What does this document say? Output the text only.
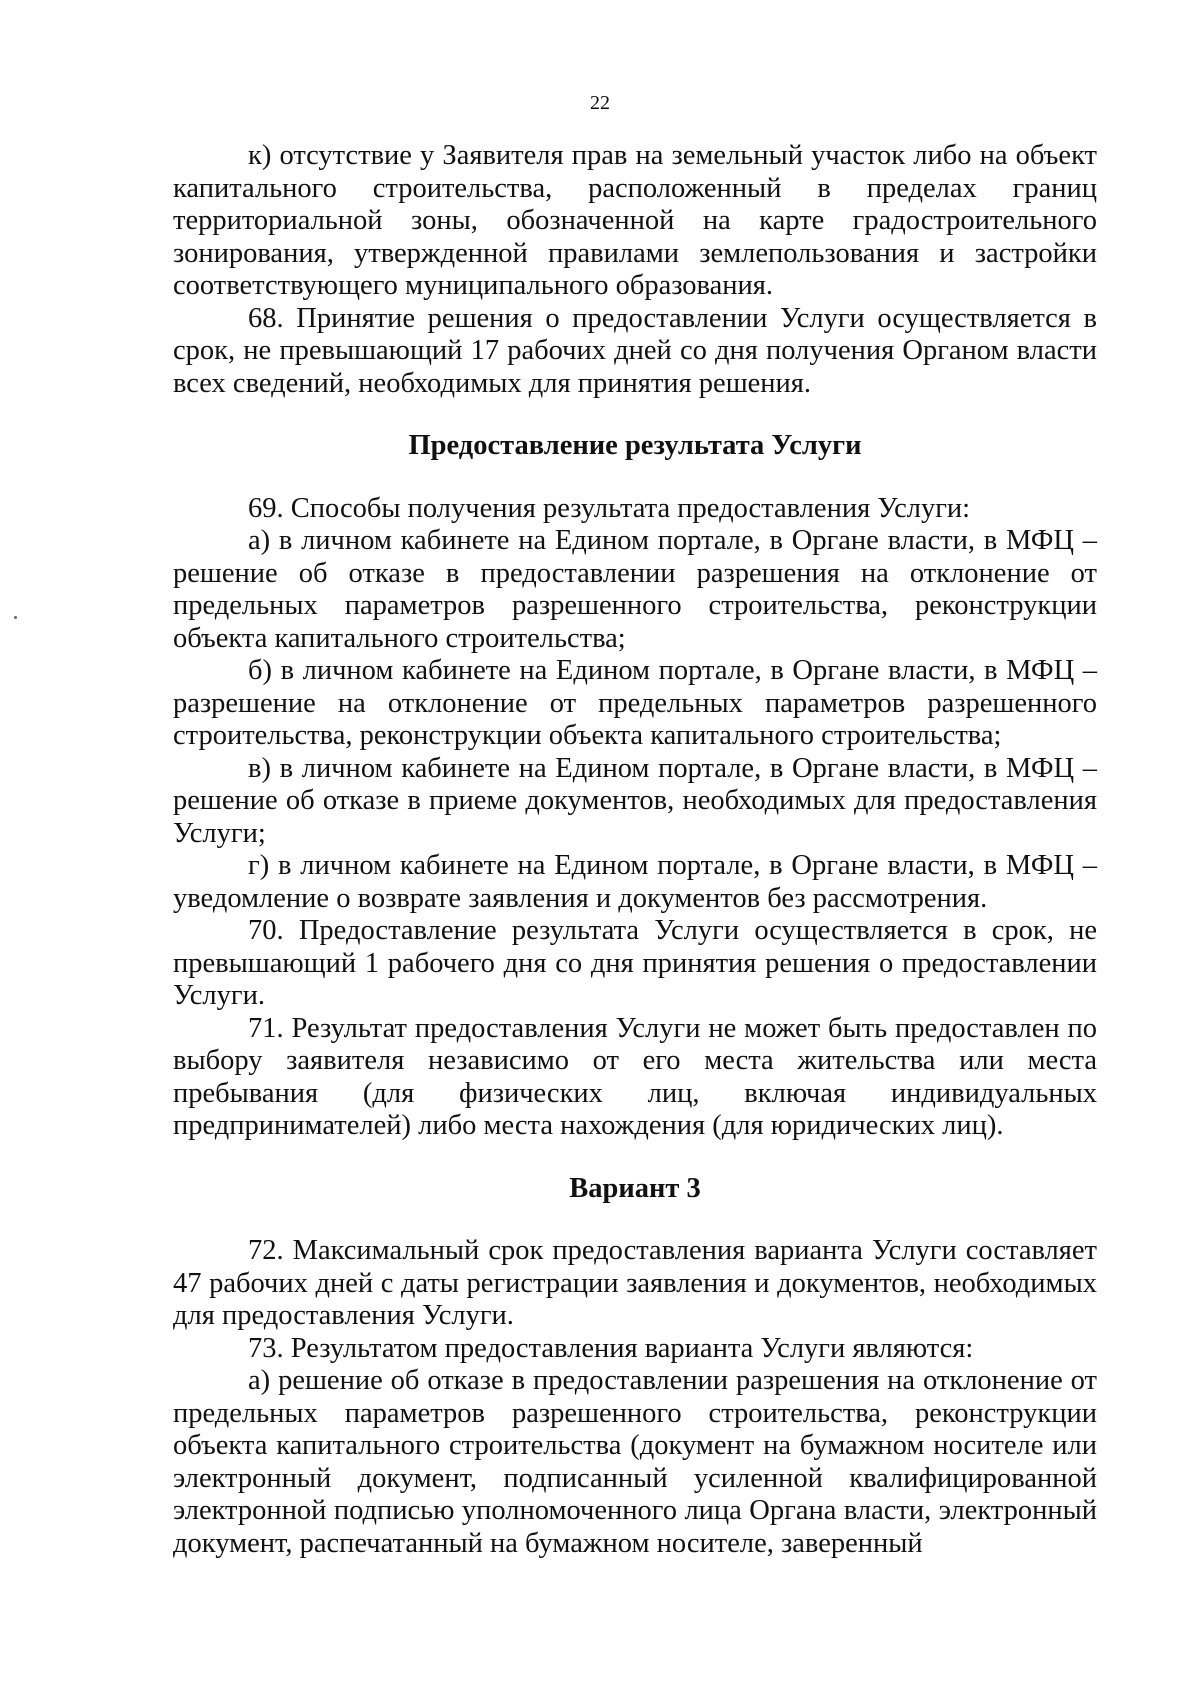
22

к) отсутствие у Заявителя прав на земельный участок либо на объект капитального строительства, расположенный в пределах границ территориальной зоны, обозначенной на карте градостроительного зонирования, утвержденной правилами землепользования и застройки соответствующего муниципального образования.

68. Принятие решения о предоставлении Услуги осуществляется в срок, не превышающий 17 рабочих дней со дня получения Органом власти всех сведений, необходимых для принятия решения.

Предоставление результата Услуги

69. Способы получения результата предоставления Услуги:

а) в личном кабинете на Едином портале, в Органе власти, в МФЦ – решение об отказе в предоставлении разрешения на отклонение от предельных параметров разрешенного строительства, реконструкции объекта капитального строительства;

б) в личном кабинете на Едином портале, в Органе власти, в МФЦ – разрешение на отклонение от предельных параметров разрешенного строительства, реконструкции объекта капитального строительства;

в) в личном кабинете на Едином портале, в Органе власти, в МФЦ – решение об отказе в приеме документов, необходимых для предоставления Услуги;

г) в личном кабинете на Едином портале, в Органе власти, в МФЦ – уведомление о возврате заявления и документов без рассмотрения.

70. Предоставление результата Услуги осуществляется в срок, не превышающий 1 рабочего дня со дня принятия решения о предоставлении Услуги.

71. Результат предоставления Услуги не может быть предоставлен по выбору заявителя независимо от его места жительства или места пребывания (для физических лиц, включая индивидуальных предпринимателей) либо места нахождения (для юридических лиц).

Вариант 3

72. Максимальный срок предоставления варианта Услуги составляет 47 рабочих дней с даты регистрации заявления и документов, необходимых для предоставления Услуги.

73. Результатом предоставления варианта Услуги являются:

а) решение об отказе в предоставлении разрешения на отклонение от предельных параметров разрешенного строительства, реконструкции объекта капитального строительства (документ на бумажном носителе или электронный документ, подписанный усиленной квалифицированной электронной подписью уполномоченного лица Органа власти, электронный документ, распечатанный на бумажном носителе, заверенный
